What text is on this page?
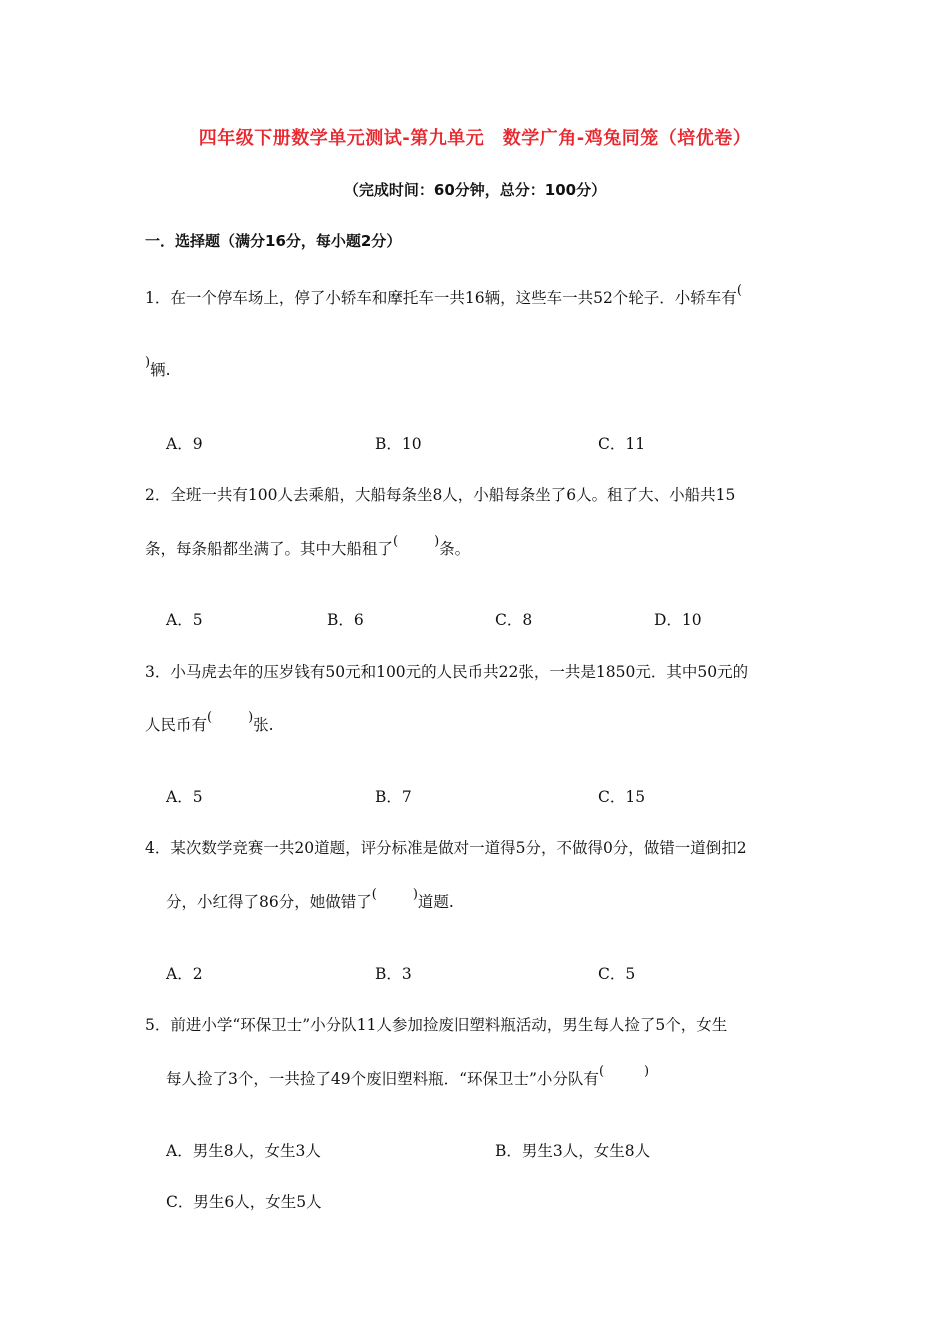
四年级下册数学单元测试-第九单元　数学广角-鸡兔同笼（培优卷）
（完成时间：60分钟，总分：100分）
一．选择题（满分16分，每小题2分）
1．在一个停车场上，停了小轿车和摩托车一共16辆，这些车一共52个轮子．小轿车有(
)辆.
A．9	B．10	C．11
2．全班一共有100人去乘船，大船每条坐8人，小船每条坐了6人。租了大、小船共15
条，每条船都坐满了。其中大船租了(	)条。
A．5	B．6	C．8	D．10
3．小马虎去年的压岁钱有50元和100元的人民币共22张，一共是1850元．其中50元的
人民币有(	)张.
A．5	B．7	C．15
4．某次数学竞赛一共20道题，评分标准是做对一道得5分，不做得0分，做错一道倒扣2
分，小红得了86分，她做错了(	)道题.
A．2	B．3	C．5
5．前进小学“环保卫士”小分队11人参加捡废旧塑料瓶活动，男生每人捡了5个，女生
每人捡了3个，一共捡了49个废旧塑料瓶．“环保卫士”小分队有(	)
A．男生8人，女生3人	B．男生3人，女生8人
C．男生6人，女生5人
